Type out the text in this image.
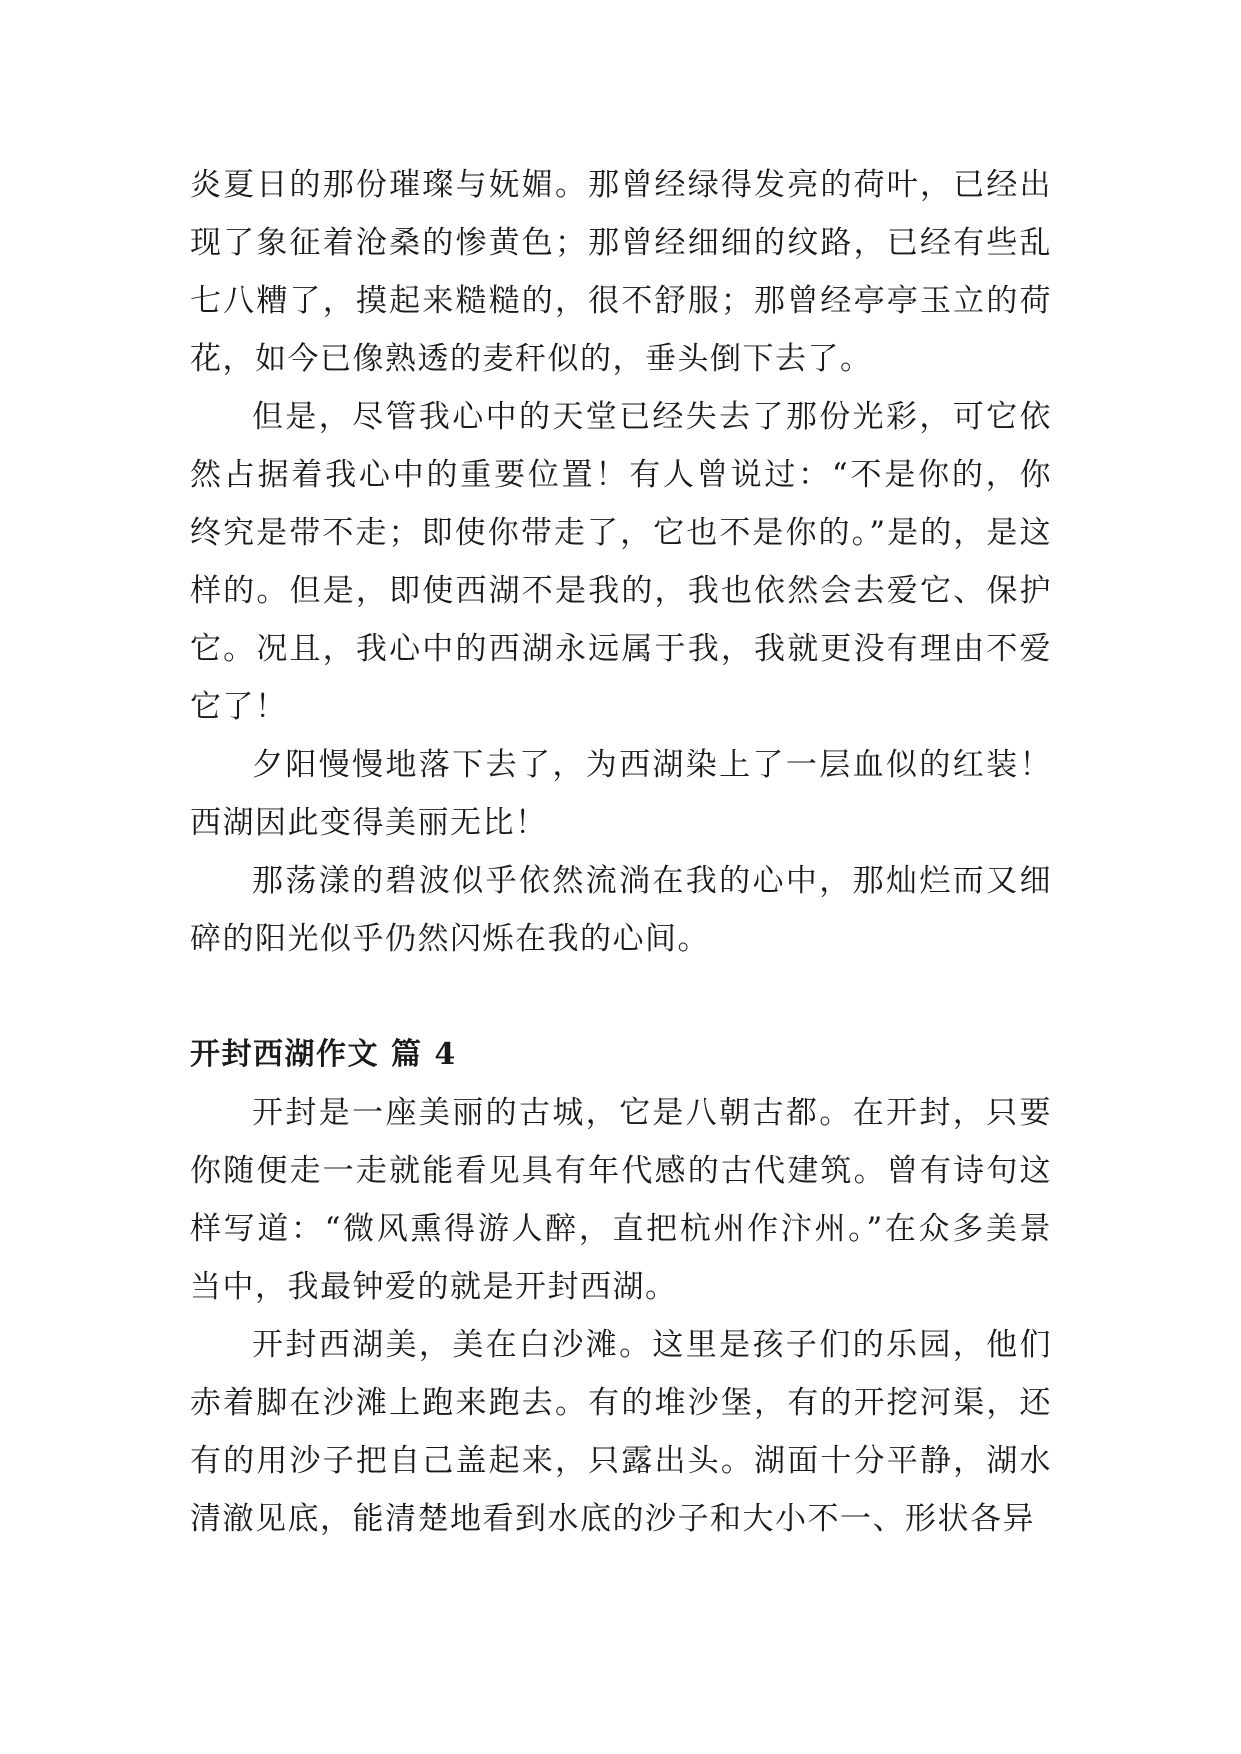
炎夏日的那份璀璨与妩媚。那曾经绿得发亮的荷叶，已经出现了象征着沧桑的惨黄色；那曾经细细的纹路，已经有些乱七八糟了，摸起来糙糙的，很不舒服；那曾经亭亭玉立的荷花，如今已像熟透的麦秆似的，垂头倒下去了。

但是，尽管我心中的天堂已经失去了那份光彩，可它依然占据着我心中的重要位置！有人曾说过：“不是你的，你终究是带不走；即使你带走了，它也不是你的。”是的，是这样的。但是，即使西湖不是我的，我也依然会去爱它、保护它。况且，我心中的西湖永远属于我，我就更没有理由不爱它了！

夕阳慢慢地落下去了，为西湖染上了一层血似的红装！西湖因此变得美丽无比！

那荡漾的碧波似乎依然流淌在我的心中，那灿烂而又细碎的阳光似乎仍然闪烁在我的心间。

开封西湖作文 篇 4

开封是一座美丽的古城，它是八朝古都。在开封，只要你随便走一走就能看见具有年代感的古代建筑。曾有诗句这样写道：“微风熏得游人醉，直把杭州作汴州。”在众多美景当中，我最钟爱的就是开封西湖。

开封西湖美，美在白沙滩。这里是孩子们的乐园，他们赤着脚在沙滩上跑来跑去。有的堆沙堡，有的开挖河渠，还有的用沙子把自己盖起来，只露出头。湖面十分平静，湖水清澈见底，能清楚地看到水底的沙子和大小不一、形状各异
